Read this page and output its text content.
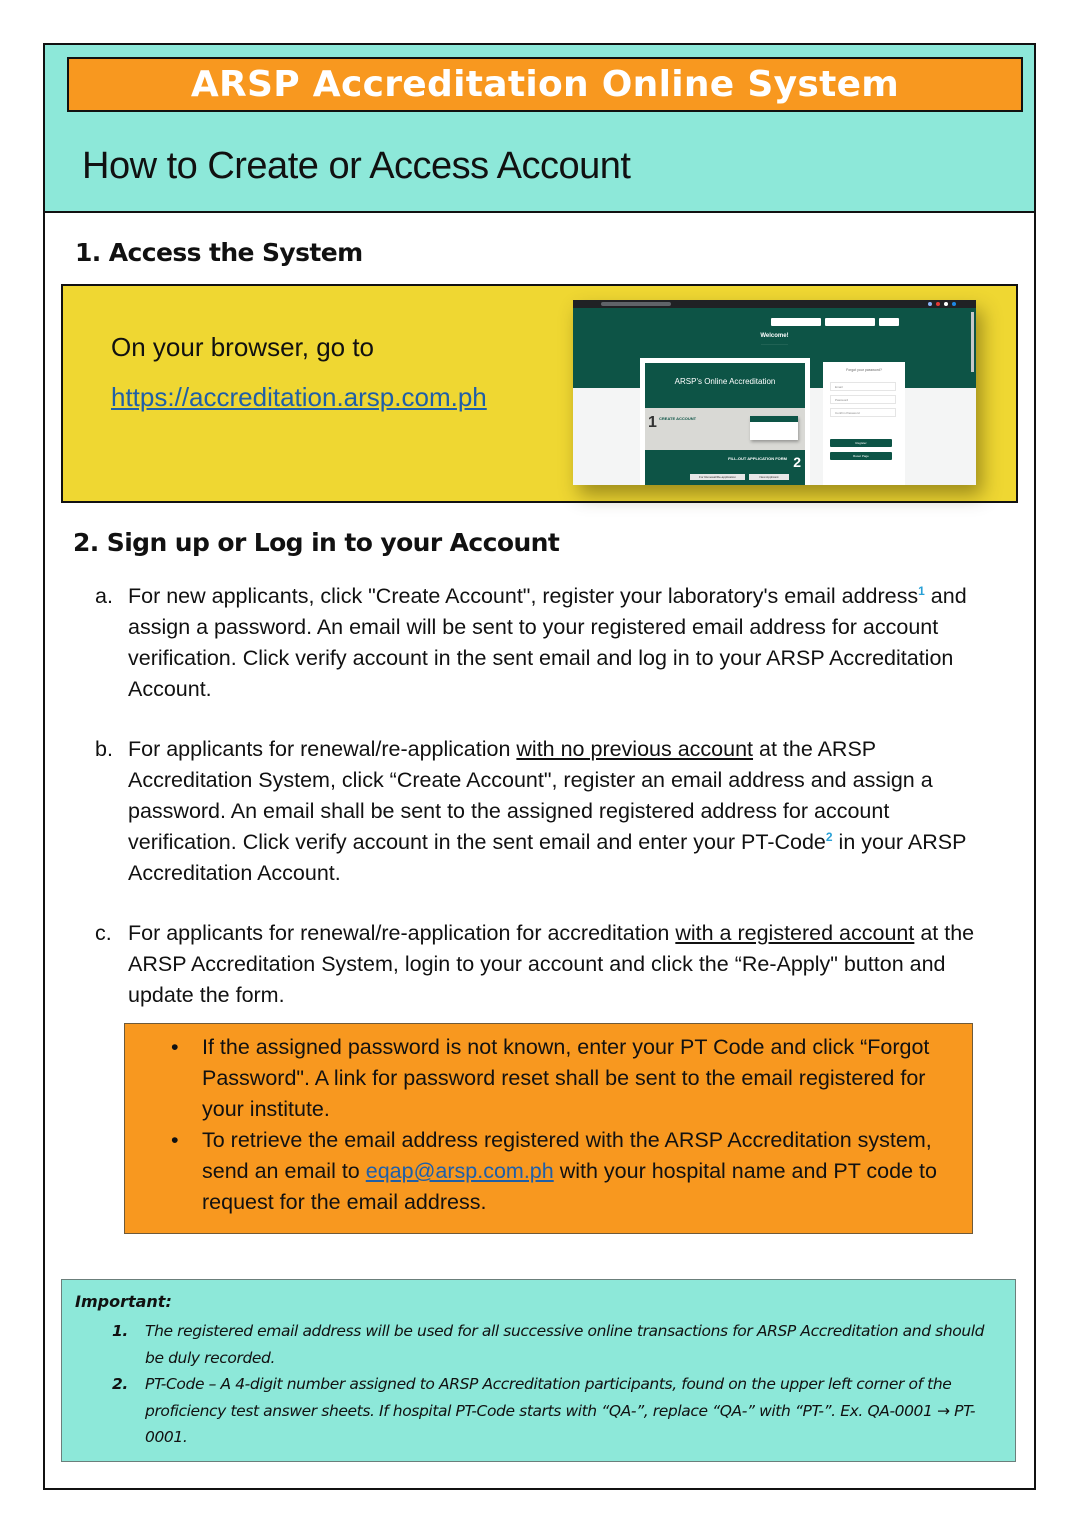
ARSP Accreditation Online System
How to Create or Access Account
1. Access the System
On your browser, go to
https://accreditation.arsp.com.ph
Welcome!
···························
ARSP's Online Accreditation
1 CREATE ACCOUNT
FILL-OUT APPLICATION FORM 2
For Renewal/Re-application	New Applicant
Forgot your password?
Email
Password
Confirm Password
Register
Reset Page
2. Sign up or Log in to your Account
a. For new applicants, click "Create Account", register your laboratory's email address$^1$ and assign a password. An email will be sent to your registered email address for account verification. Click verify account in the sent email and log in to your ARSP Accreditation Account.
b. For applicants for renewal/re-application with no previous account at the ARSP Accreditation System, click “Create Account", register an email address and assign a password. An email shall be sent to the assigned registered address for account verification. Click verify account in the sent email and enter your PT-Code$^2$ in your ARSP Accreditation Account.
c. For applicants for renewal/re-application for accreditation with a registered account at the ARSP Accreditation System, login to your account and click the “Re-Apply" button and update the form.
• If the assigned password is not known, enter your PT Code and click “Forgot Password". A link for password reset shall be sent to the email registered for your institute.
• To retrieve the email address registered with the ARSP Accreditation system, send an email to eqap@arsp.com.ph with your hospital name and PT code to request for the email address.
Important:
1. The registered email address will be used for all successive online transactions for ARSP Accreditation and should be duly recorded.
2. PT-Code – A 4-digit number assigned to ARSP Accreditation participants, found on the upper left corner of the proficiency test answer sheets. If hospital PT-Code starts with “QA-”, replace “QA-” with “PT-”. Ex. QA-0001 → PT-0001.
